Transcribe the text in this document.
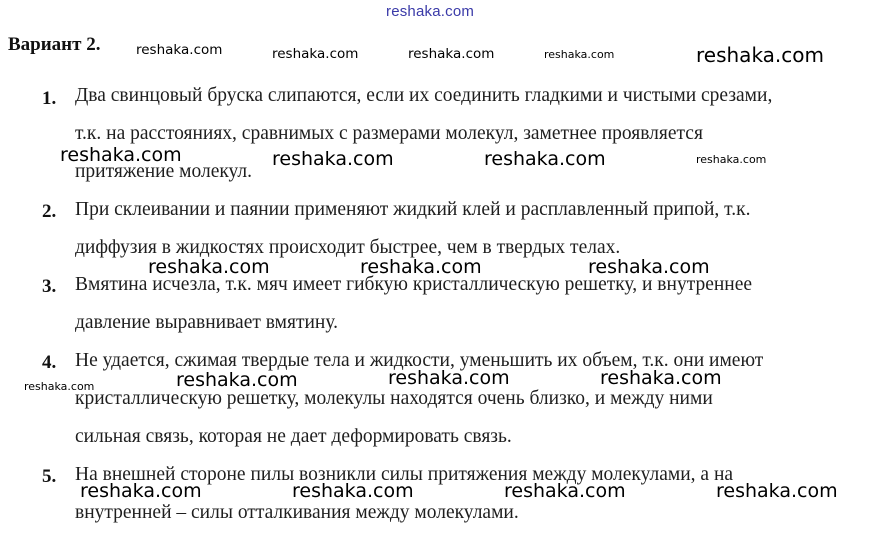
reshaka.com
Вариант 2.
1. Два свинцовый бруска слипаются, если их соединить гладкими и чистыми срезами,
т.к. на расстояниях, сравнимых с размерами молекул, заметнее проявляется
притяжение молекул.
2. При склеивании и паянии применяют жидкий клей и расплавленный припой, т.к.
диффузия в жидкостях происходит быстрее, чем в твердых телах.
3. Вмятина исчезла, т.к. мяч имеет гибкую кристаллическую решетку, и внутреннее
давление выравнивает вмятину.
4. Не удается, сжимая твердые тела и жидкости, уменьшить их объем, т.к. они имеют
кристаллическую решетку, молекулы находятся очень близко, и между ними
сильная связь, которая не дает деформировать связь.
5. На внешней стороне пилы возникли силы притяжения между молекулами, а на
внутренней – силы отталкивания между молекулами.
reshaka.com	reshaka.com	reshaka.com	reshaka.com	reshaka.com
reshaka.com	reshaka.com	reshaka.com	reshaka.com
reshaka.com	reshaka.com	reshaka.com
reshaka.com	reshaka.com	reshaka.com	reshaka.com
reshaka.com	reshaka.com	reshaka.com	reshaka.com
